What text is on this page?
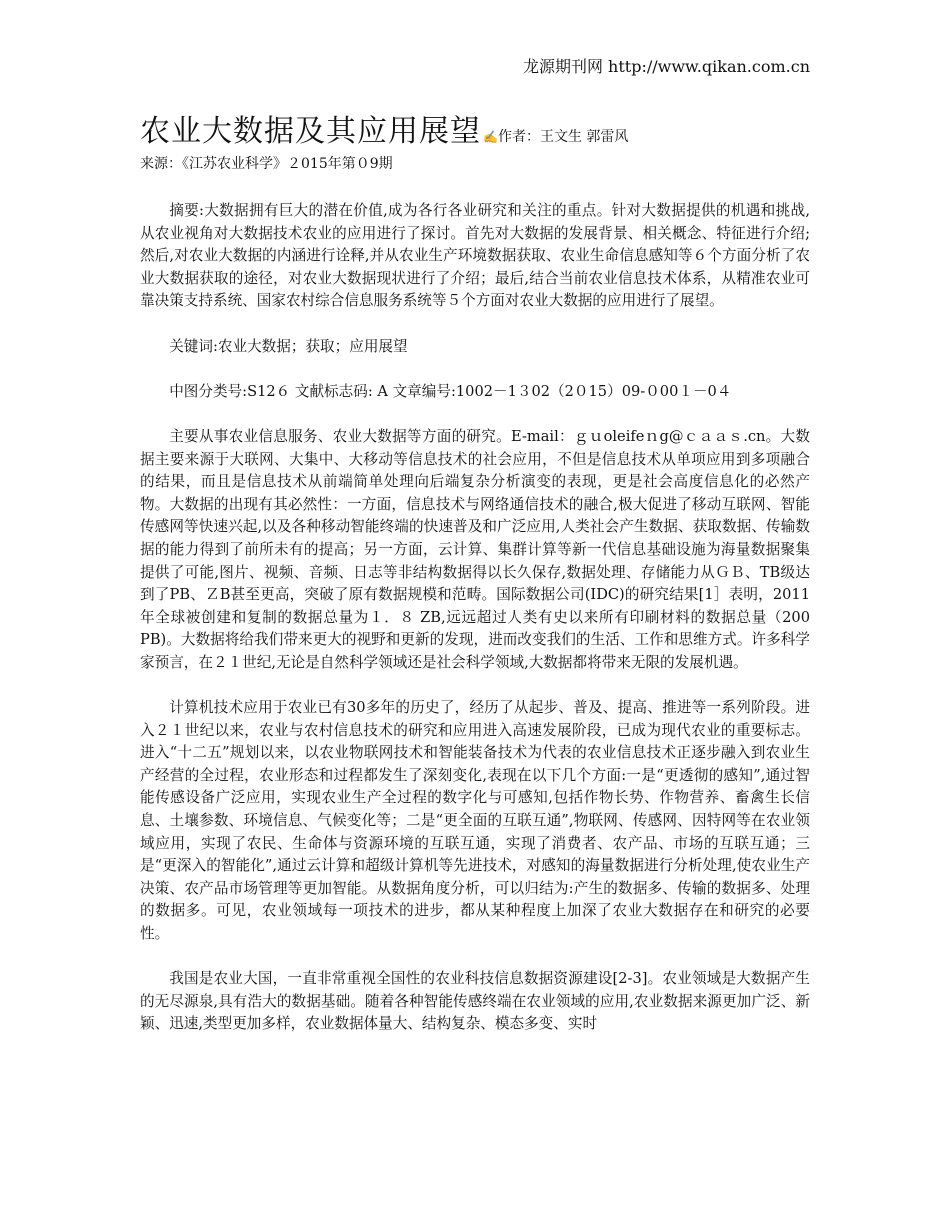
龙源期刊网 http://www.qikan.com.cn
农业大数据及其应用展望 ✍作者：王文生 郭雷风
来源：《江苏农业科学》２015年第０9期

摘要:大数据拥有巨大的潜在价值,成为各行各业研究和关注的重点。针对大数据提供的机遇和挑战,从农业视角对大数据技术农业的应用进行了探讨。首先对大数据的发展背景、相关概念、特征进行介绍;然后,对农业大数据的内涵进行诠释,并从农业生产环境数据获取、农业生命信息感知等６个方面分析了农业大数据获取的途径，对农业大数据现状进行了介绍；最后,结合当前农业信息技术体系，从精准农业可靠决策支持系统、国家农村综合信息服务系统等５个方面对农业大数据的应用进行了展望。

关键词:农业大数据；获取；应用展望

中图分类号:S12６ 文献标志码: A 文章编号:1002－1３02（2０15）09-０00１－0４

主要从事农业信息服务、农业大数据等方面的研究。E-mail：ｇｕoleifeｎg@ｃａａｓ.cn。大数据主要来源于大联网、大集中、大移动等信息技术的社会应用，不但是信息技术从单项应用到多项融合的结果，而且是信息技术从前端简单处理向后端复杂分析演变的表现，更是社会高度信息化的必然产物。大数据的出现有其必然性：一方面，信息技术与网络通信技术的融合,极大促进了移动互联网、智能传感网等快速兴起,以及各种移动智能终端的快速普及和广泛应用,人类社会产生数据、获取数据、传输数据的能力得到了前所未有的提高；另一方面，云计算、集群计算等新一代信息基础设施为海量数据聚集提供了可能,图片、视频、音频、日志等非结构数据得以长久保存,数据处理、存储能力从ＧＢ、TB级达到了PB、ＺB甚至更高，突破了原有数据规模和范畴。国际数据公司(IDC)的研究结果[1］表明，2011年全球被创建和复制的数据总量为１．８ ZB,远远超过人类有史以来所有印刷材料的数据总量（200 PB)。大数据将给我们带来更大的视野和更新的发现，进而改变我们的生活、工作和思维方式。许多科学家预言，在２１世纪,无论是自然科学领域还是社会科学领域,大数据都将带来无限的发展机遇。

计算机技术应用于农业已有30多年的历史了，经历了从起步、普及、提高、推进等一系列阶段。进入２１世纪以来，农业与农村信息技术的研究和应用进入高速发展阶段，已成为现代农业的重要标志。进入“十二五”规划以来，以农业物联网技术和智能装备技术为代表的农业信息技术正逐步融入到农业生产经营的全过程，农业形态和过程都发生了深刻变化,表现在以下几个方面:一是“更透彻的感知”,通过智能传感设备广泛应用，实现农业生产全过程的数字化与可感知,包括作物长势、作物营养、畜禽生长信息、土壤参数、环境信息、气候变化等；二是“更全面的互联互通”,物联网、传感网、因特网等在农业领域应用，实现了农民、生命体与资源环境的互联互通，实现了消费者、农产品、市场的互联互通；三是“更深入的智能化”,通过云计算和超级计算机等先进技术，对感知的海量数据进行分析处理,使农业生产决策、农产品市场管理等更加智能。从数据角度分析，可以归结为:产生的数据多、传输的数据多、处理的数据多。可见，农业领域每一项技术的进步，都从某种程度上加深了农业大数据存在和研究的必要性。

我国是农业大国，一直非常重视全国性的农业科技信息数据资源建设[2-3]。农业领域是大数据产生的无尽源泉,具有浩大的数据基础。随着各种智能传感终端在农业领域的应用,农业数据来源更加广泛、新颖、迅速,类型更加多样，农业数据体量大、结构复杂、模态多变、实时
